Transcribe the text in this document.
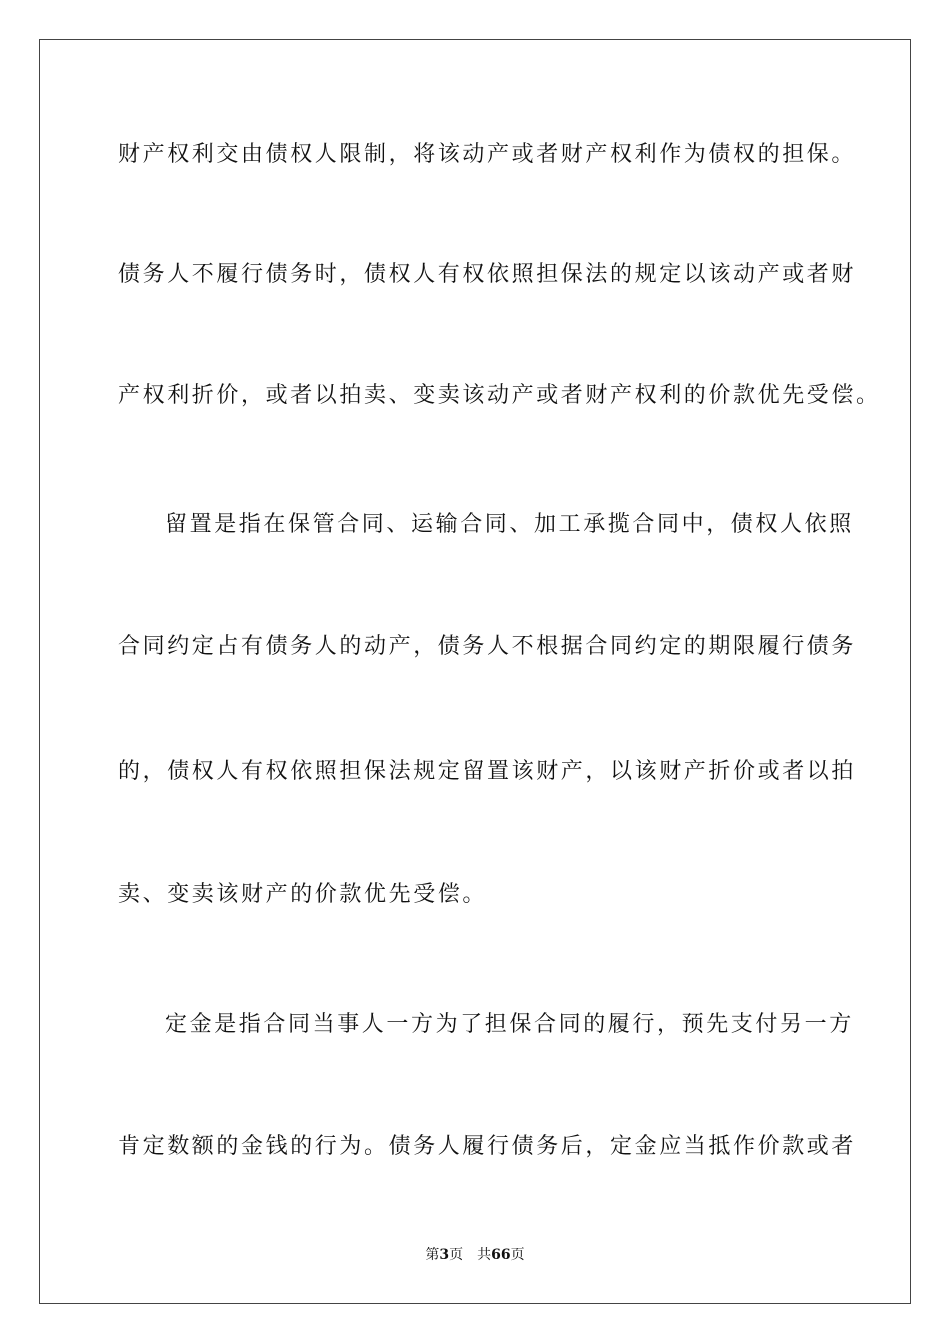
财产权利交由债权人限制，将该动产或者财产权利作为债权的担保。
债务人不履行债务时，债权人有权依照担保法的规定以该动产或者财
产权利折价，或者以拍卖、变卖该动产或者财产权利的价款优先受偿。
留置是指在保管合同、运输合同、加工承揽合同中，债权人依照
合同约定占有债务人的动产，债务人不根据合同约定的期限履行债务
的，债权人有权依照担保法规定留置该财产，以该财产折价或者以拍
卖、变卖该财产的价款优先受偿。
定金是指合同当事人一方为了担保合同的履行，预先支付另一方
肯定数额的金钱的行为。债务人履行债务后，定金应当抵作价款或者
第3页 共66页
